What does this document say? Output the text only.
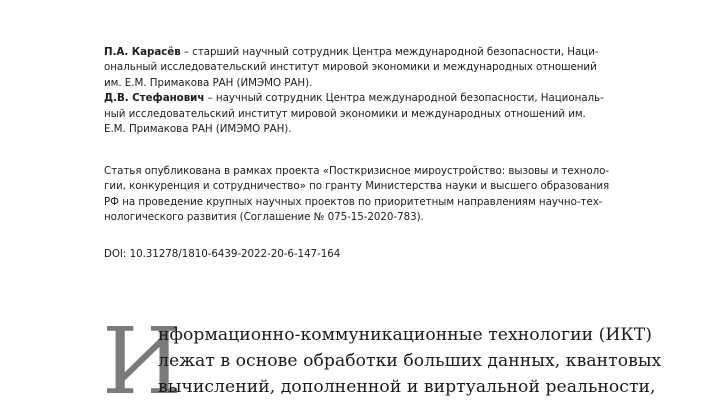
П.А. Карасёв – старший научный сотрудник Центра международной безопасности, Наци-
ональный исследовательский институт мировой экономики и международных отношений
им. Е.М. Примакова РАН (ИМЭМО РАН).
Д.В. Стефанович – научный сотрудник Центра международной безопасности, Националь-
ный исследовательский институт мировой экономики и международных отношений им.
Е.М. Примакова РАН (ИМЭМО РАН).
Статья опубликована в рамках проекта «Посткризисное мироустройство: вызовы и техноло-
гии, конкуренция и сотрудничество» по гранту Министерства науки и высшего образования
РФ на проведение крупных научных проектов по приоритетным направлениям научно-тех-
нологического развития (Соглашение № 075-15-2020-783).
DOI: 10.31278/1810-6439-2022-20-6-147-164
И
нформационно-коммуникационные технологии (ИКТ)
лежат в основе обработки больших данных, квантовых
вычислений, дополненной и виртуальной реальности,
